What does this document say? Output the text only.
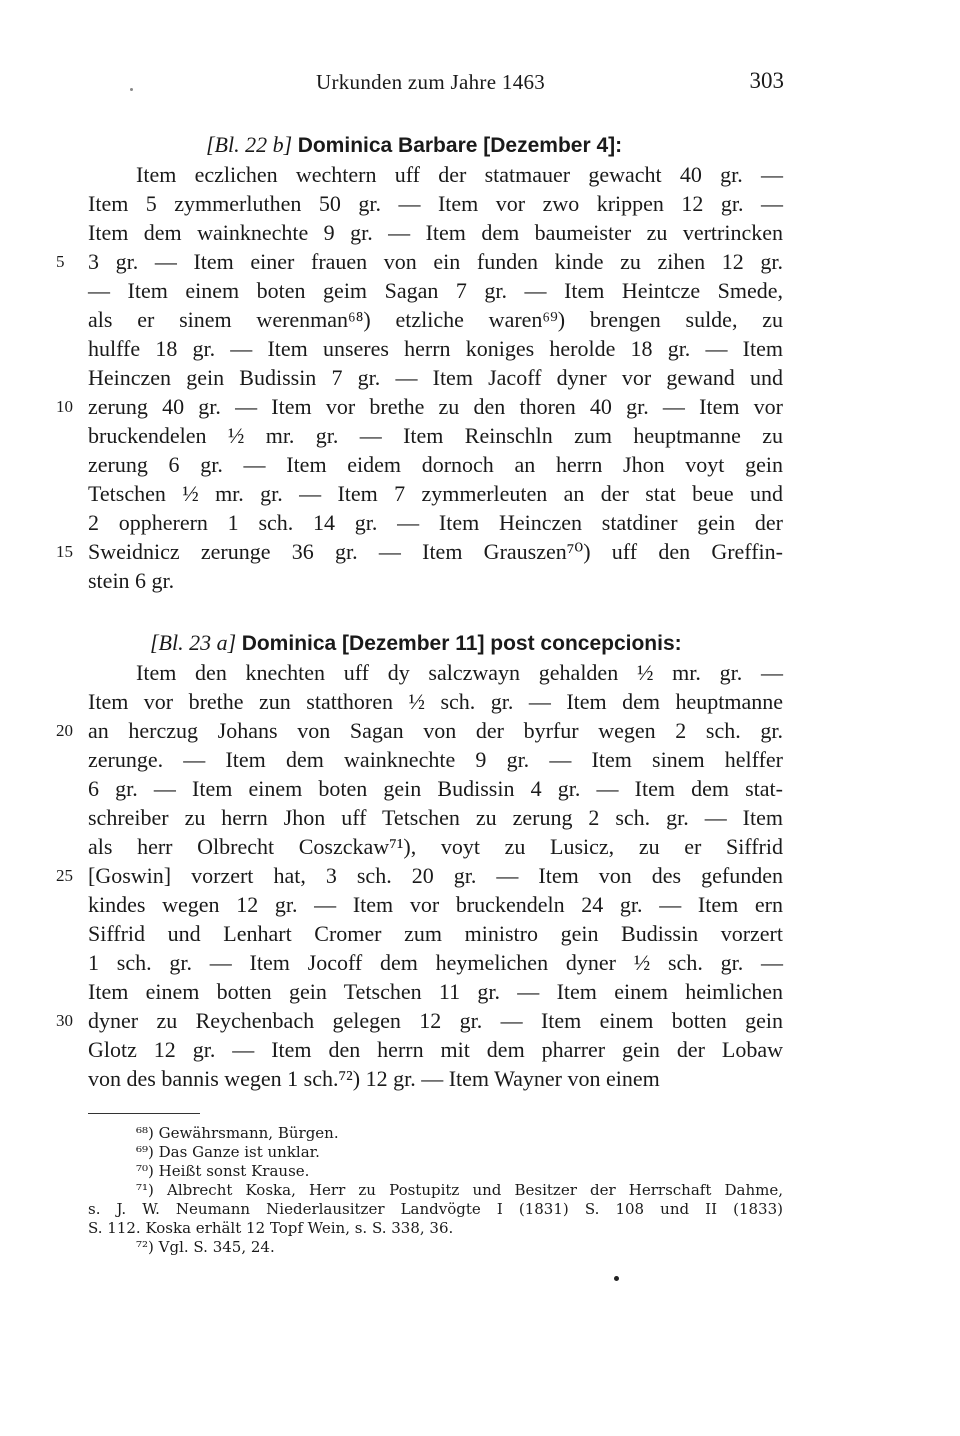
Urkunden zum Jahre 1463	303
[Bl. 22 b] Dominica Barbare [Dezember 4]:
Item eczlichen wechtern uff der statmauer gewacht 40 gr. —
Item 5 zymmerluthen 50 gr. — Item vor zwo krippen 12 gr. —
Item dem wainknechte 9 gr. — Item dem baumeister zu vertrincken
5 3 gr. — Item einer frauen von ein funden kinde zu zihen 12 gr.
— Item einem boten geim Sagan 7 gr. — Item Heintcze Smede,
als er sinem werenman⁶⁸) etzliche waren⁶⁹) brengen sulde, zu
hulffe 18 gr. — Item unseres herrn koniges herolde 18 gr. — Item
Heinczen gein Budissin 7 gr. — Item Jacoff dyner vor gewand und
10 zerung 40 gr. — Item vor brethe zu den thoren 40 gr. — Item vor
bruckendelen ½ mr. gr. — Item Reinschln zum heuptmanne zu
zerung 6 gr. — Item eidem dornoch an herrn Jhon voyt gein
Tetschen ½ mr. gr. — Item 7 zymmerleuten an der stat beue und
2 oppherern 1 sch. 14 gr. — Item Heinczen statdiner gein der
15 Sweidnicz zerunge 36 gr. — Item Grauszen⁷⁰) uff den Greffin-
stein 6 gr.
[Bl. 23 a] Dominica [Dezember 11] post concepcionis:
Item den knechten uff dy salczwayn gehalden ½ mr. gr. —
Item vor brethe zun statthoren ½ sch. gr. — Item dem heuptmanne
20 an herczug Johans von Sagan von der byrfur wegen 2 sch. gr.
zerunge. — Item dem wainknechte 9 gr. — Item sinem helffer
6 gr. — Item einem boten gein Budissin 4 gr. — Item dem stat-
schreiber zu herrn Jhon uff Tetschen zu zerung 2 sch. gr. — Item
als herr Olbrecht Coszckaw⁷¹), voyt zu Lusicz, zu er Siffrid
25 [Goswin] vorzert hat, 3 sch. 20 gr. — Item von des gefunden
kindes wegen 12 gr. — Item vor bruckendeln 24 gr. — Item ern
Siffrid und Lenhart Cromer zum ministro gein Budissin vorzert
1 sch. gr. — Item Jocoff dem heymelichen dyner ½ sch. gr. —
Item einem botten gein Tetschen 11 gr. — Item einem heimlichen
30 dyner zu Reychenbach gelegen 12 gr. — Item einem botten gein
Glotz 12 gr. — Item den herrn mit dem pharrer gein der Lobaw
von des bannis wegen 1 sch.⁷²) 12 gr. — Item Wayner von einem
⁶⁸) Gewährsmann, Bürgen.
⁶⁹) Das Ganze ist unklar.
⁷⁰) Heißt sonst Krause.
⁷¹) Albrecht Koska, Herr zu Postupitz und Besitzer der Herrschaft Dahme,
s. J. W. Neumann Niederlausitzer Landvögte I (1831) S. 108 und II (1833)
S. 112. Koska erhält 12 Topf Wein, s. S. 338, 36.
⁷²) Vgl. S. 345, 24.
